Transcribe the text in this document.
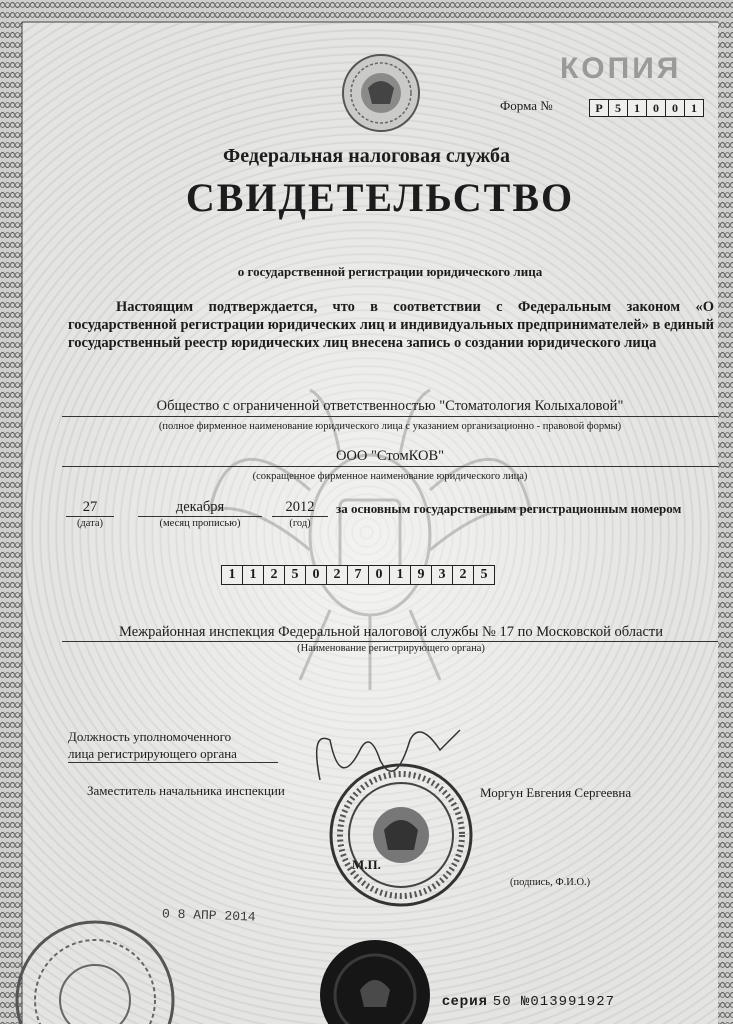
КОПИЯ
Форма №	Р	5	1	0	0	1
Федеральная налоговая служба
СВИДЕТЕЛЬСТВО
о государственной регистрации юридического лица
Настоящим подтверждается, что в соответствии с Федеральным законом «О государственной регистрации юридических лиц и индивидуальных предпринимателей» в единый государственный реестр юридических лиц внесена запись о создании юридического лица
Общество с ограниченной ответственностью "Стоматология Колыхаловой"
(полное фирменное наименование юридического лица с указанием организационно - правовой формы)
ООО "СтомКОВ"
(сокращенное фирменное наименование юридического лица)
27
(дата)
декабря
(месяц прописью)
2012
(год)
за основным государственным регистрационным номером
1	1	2	5	0	2	7	0	1	9	3	2	5
Межрайонная инспекция Федеральной налоговой службы № 17 по Московской области
(Наименование регистрирующего органа)
Должность уполномоченного
лица регистрирующего органа
Заместитель начальника инспекции	Моргун Евгения Сергеевна
М.П.
(подпись, Ф.И.О.)
0 8 АПР 2014
серия 50 №013991927
